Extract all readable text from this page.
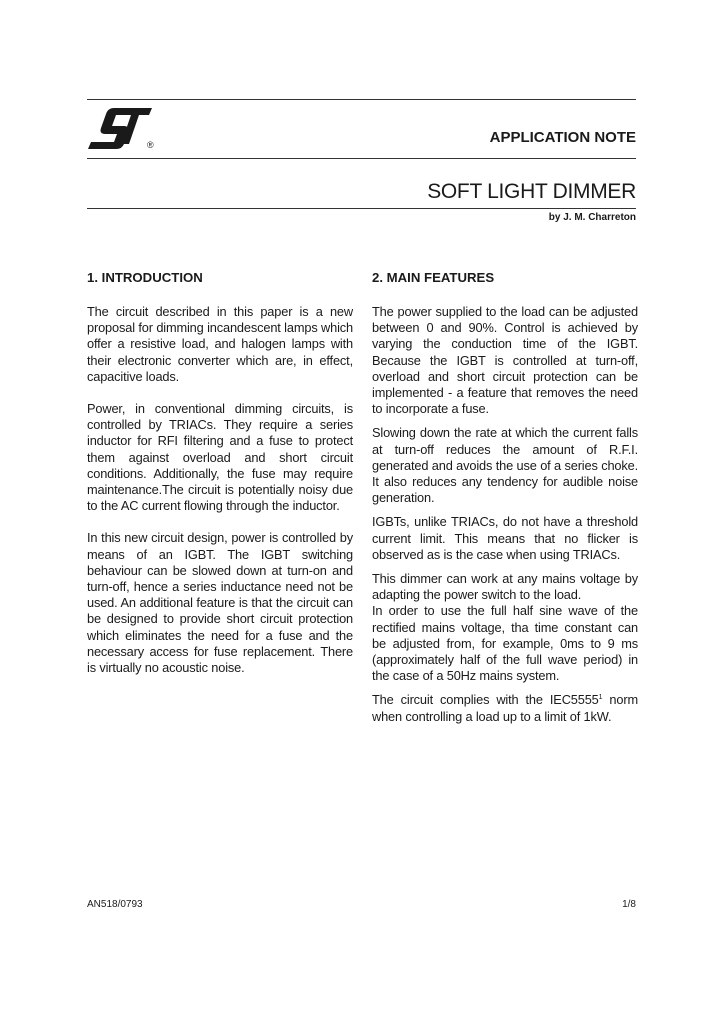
®	APPLICATION NOTE
SOFT LIGHT DIMMER
by J. M. Charreton
1. INTRODUCTION

The circuit described in this paper is a new proposal for dimming incandescent lamps which offer a resistive load, and halogen lamps with their electronic converter which are, in effect, capacitive loads.

Power, in conventional dimming circuits, is controlled by TRIACs. They require a series inductor for RFI filtering and a fuse to protect them against overload and short circuit conditions. Additionally, the fuse may require maintenance.The circuit is potentially noisy due to the AC current flowing through the inductor.

In this new circuit design, power is controlled by means of an IGBT. The IGBT switching behaviour can be slowed down at turn-on and turn-off, hence a series inductance need not be used. An additional feature is that the circuit can be designed to provide short circuit protection which eliminates the need for a fuse and the necessary access for fuse replacement. There is virtually no acoustic noise.

2. MAIN FEATURES

The power supplied to the load can be adjusted between 0 and 90%. Control is achieved by varying the conduction time of the IGBT. Because the IGBT is controlled at turn-off, overload and short circuit protection can be implemented - a feature that removes the need to incorporate a fuse.

Slowing down the rate at which the current falls at turn-off reduces the amount of R.F.I. generated and avoids the use of a series choke. It also reduces any tendency for audible noise generation.

IGBTs, unlike TRIACs, do not have a threshold current limit. This means that no flicker is observed as is the case when using TRIACs.

This dimmer can work at any mains voltage by adapting the power switch to the load.

In order to use the full half sine wave of the rectified mains voltage, tha time constant can be adjusted from, for example, 0ms to 9 ms (approximately half of the full wave period) in the case of a 50Hz mains system.

The circuit complies with the IEC5555$^1$ norm when controlling a load up to a limit of 1kW.

AN518/0793	1/8
